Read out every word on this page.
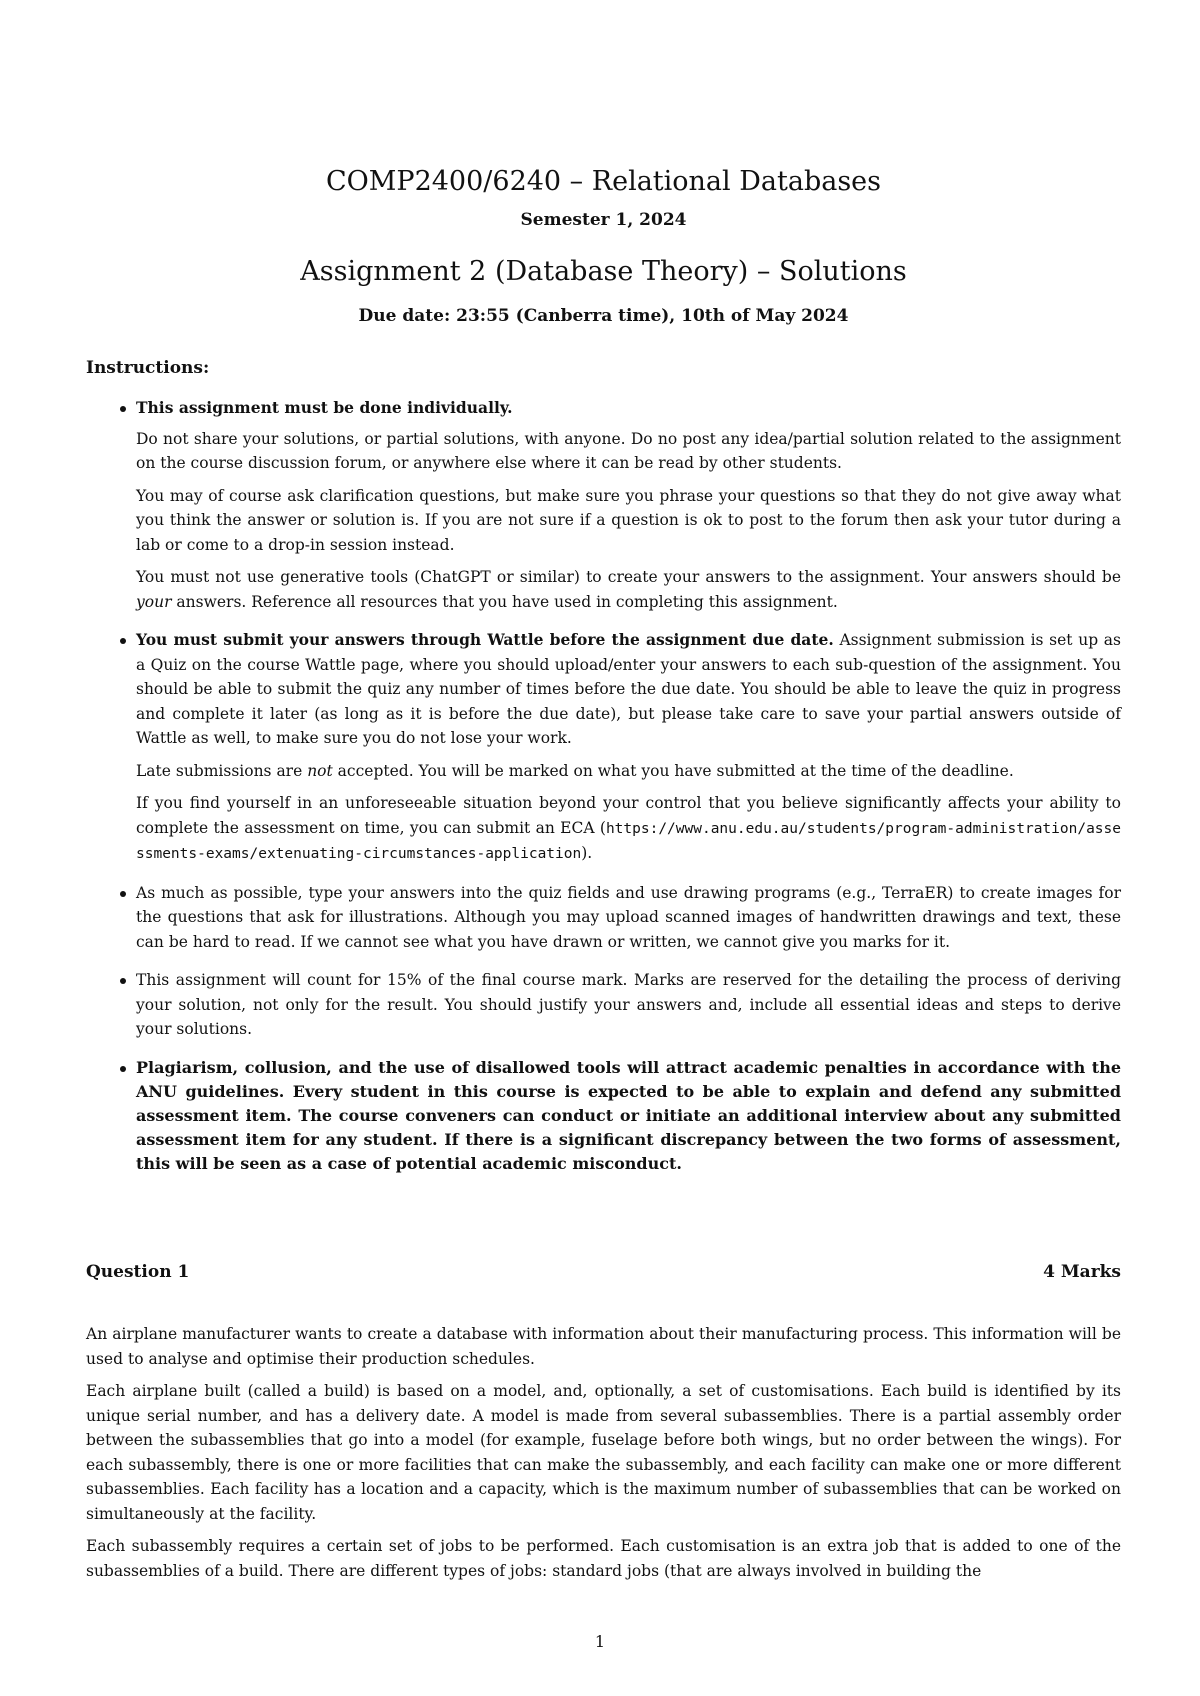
COMP2400/6240 – Relational Databases
Semester 1, 2024
Assignment 2 (Database Theory) – Solutions
Due date: 23:55 (Canberra time), 10th of May 2024
Instructions:

This assignment must be done individually.

Do not share your solutions, or partial solutions, with anyone. Do no post any idea/partial solution related to the assignment on the course discussion forum, or anywhere else where it can be read by other students.

You may of course ask clarification questions, but make sure you phrase your questions so that they do not give away what you think the answer or solution is. If you are not sure if a question is ok to post to the forum then ask your tutor during a lab or come to a drop-in session instead.

You must not use generative tools (ChatGPT or similar) to create your answers to the assignment. Your answers should be your answers. Reference all resources that you have used in completing this assignment.

You must submit your answers through Wattle before the assignment due date. Assignment submission is set up as a Quiz on the course Wattle page, where you should upload/enter your answers to each sub-question of the assignment. You should be able to submit the quiz any number of times before the due date. You should be able to leave the quiz in progress and complete it later (as long as it is before the due date), but please take care to save your partial answers outside of Wattle as well, to make sure you do not lose your work.

Late submissions are not accepted. You will be marked on what you have submitted at the time of the deadline.

If you find yourself in an unforeseeable situation beyond your control that you believe significantly affects your ability to complete the assessment on time, you can submit an ECA (https://www.anu.edu.au/students/program-administration/assessments-exams/extenuating-circumstances-application).

As much as possible, type your answers into the quiz fields and use drawing programs (e.g., TerraER) to create images for the questions that ask for illustrations. Although you may upload scanned images of handwritten drawings and text, these can be hard to read. If we cannot see what you have drawn or written, we cannot give you marks for it.

This assignment will count for 15% of the final course mark. Marks are reserved for the detailing the process of deriving your solution, not only for the result. You should justify your answers and, include all essential ideas and steps to derive your solutions.

Plagiarism, collusion, and the use of disallowed tools will attract academic penalties in accordance with the ANU guidelines. Every student in this course is expected to be able to explain and defend any submitted assessment item. The course conveners can conduct or initiate an additional interview about any submitted assessment item for any student. If there is a significant discrepancy between the two forms of assessment, this will be seen as a case of potential academic misconduct.

Question 1	4 Marks

An airplane manufacturer wants to create a database with information about their manufacturing process. This information will be used to analyse and optimise their production schedules.

Each airplane built (called a build) is based on a model, and, optionally, a set of customisations. Each build is identified by its unique serial number, and has a delivery date. A model is made from several subassemblies. There is a partial assembly order between the subassemblies that go into a model (for example, fuselage before both wings, but no order between the wings). For each subassembly, there is one or more facilities that can make the subassembly, and each facility can make one or more different subassemblies. Each facility has a location and a capacity, which is the maximum number of subassemblies that can be worked on simultaneously at the facility.

Each subassembly requires a certain set of jobs to be performed. Each customisation is an extra job that is added to one of the subassemblies of a build. There are different types of jobs: standard jobs (that are always involved in building the

1
